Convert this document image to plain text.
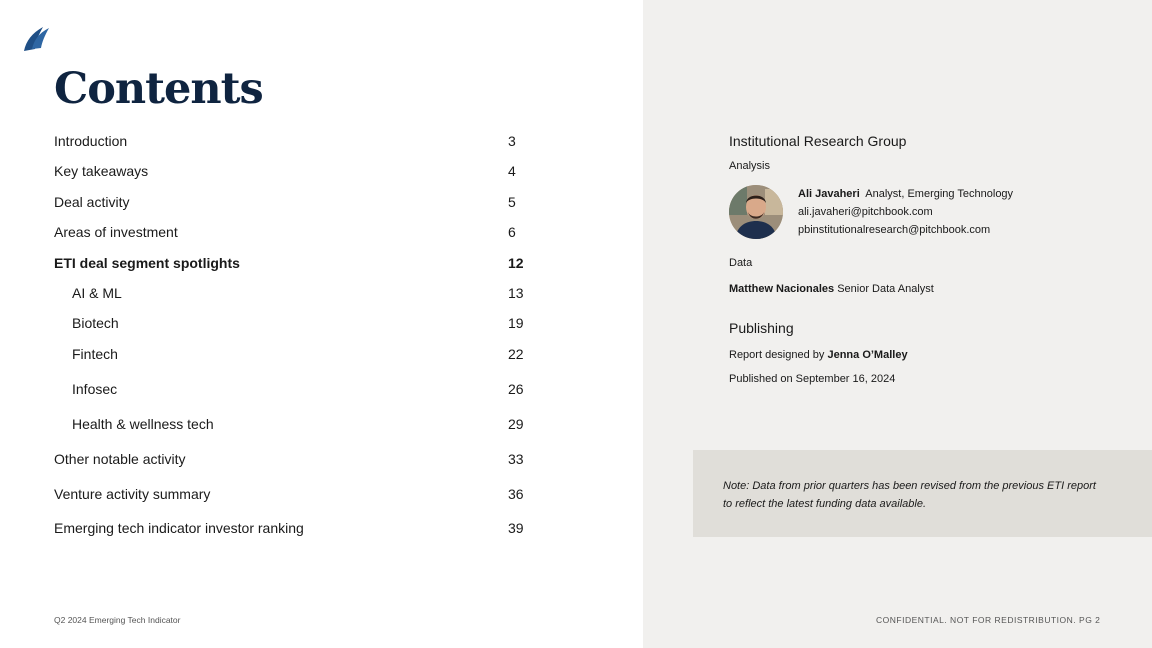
Contents
Introduction	3
Key takeaways	4
Deal activity	5
Areas of investment	6
ETI deal segment spotlights	12
AI & ML	13
Biotech	19
Fintech	22
Infosec	26
Health & wellness tech	29
Other notable activity	33
Venture activity summary	36
Emerging tech indicator investor ranking	39
Q2 2024 Emerging Tech Indicator
Institutional Research Group
Analysis
Ali Javaheri Analyst, Emerging Technology
ali.javaheri@pitchbook.com
pbinstitutionalresearch@pitchbook.com
Data
Matthew Nacionales Senior Data Analyst
Publishing
Report designed by Jenna O’Malley
Published on September 16, 2024
Note: Data from prior quarters has been revised from the previous ETI report
to reflect the latest funding data available.
CONFIDENTIAL. NOT FOR REDISTRIBUTION. PG 2
